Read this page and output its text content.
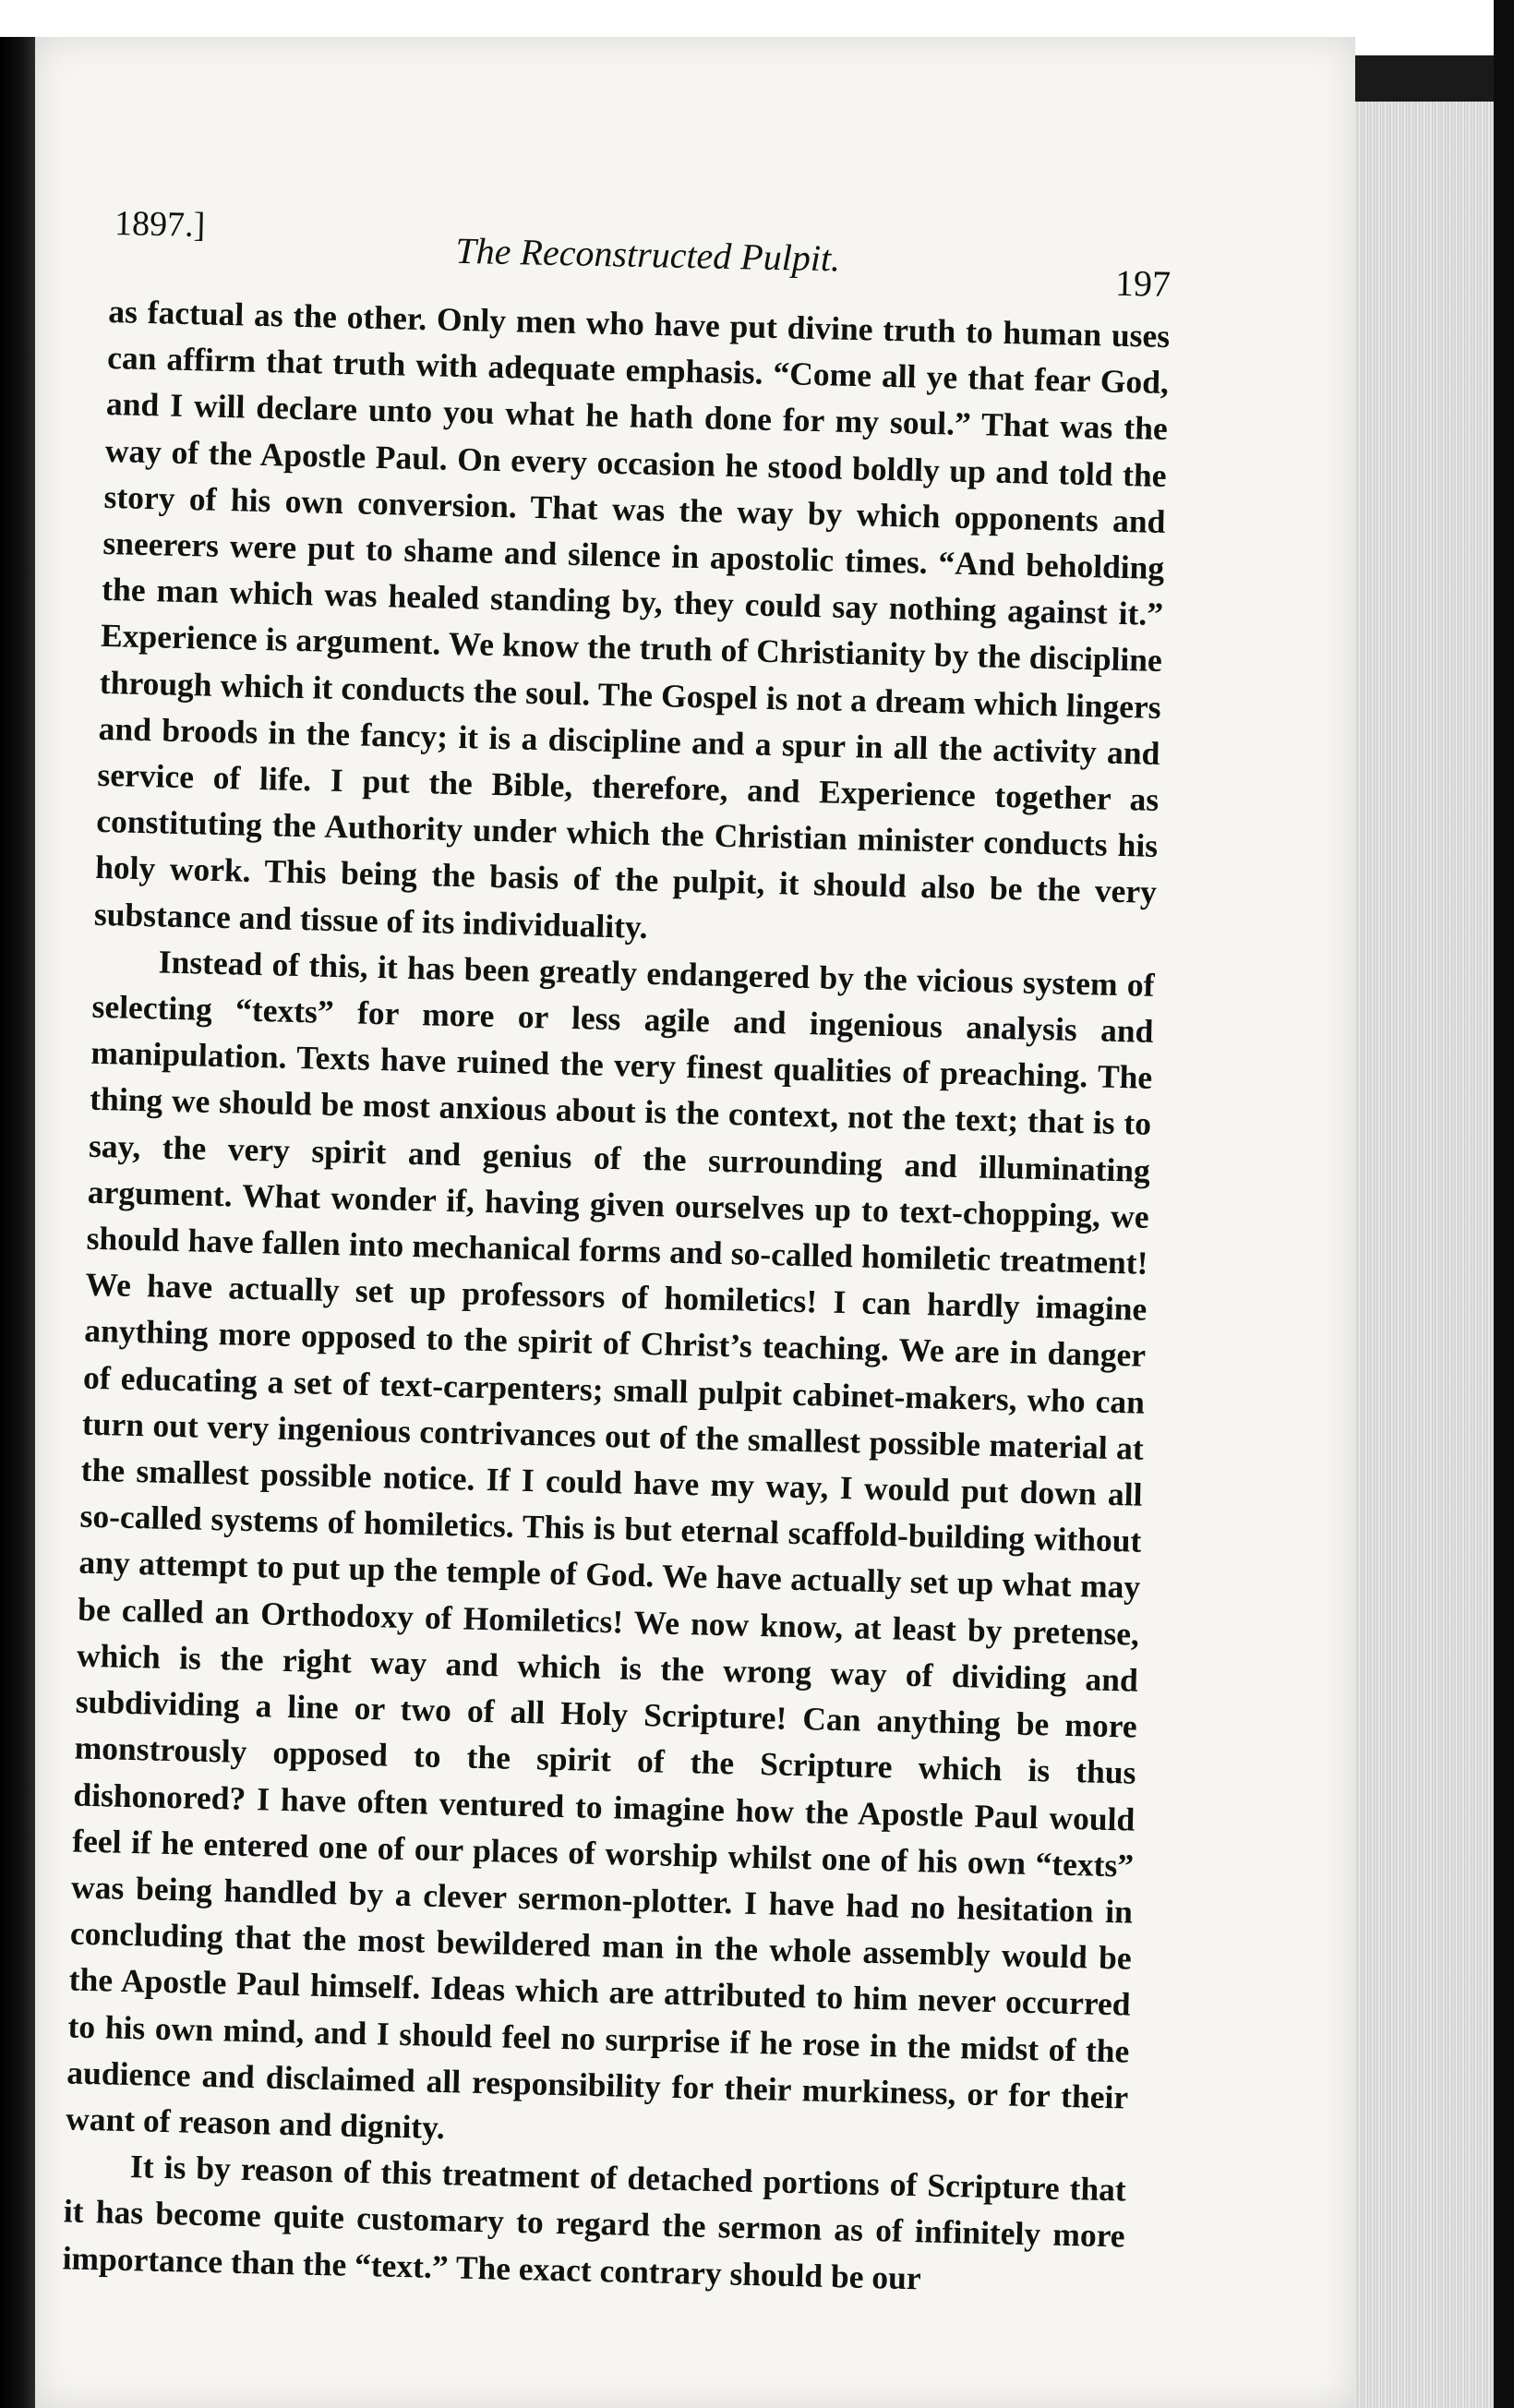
1897.]
The Reconstructed Pulpit.
197

as factual as the other. Only men who have put divine truth to human uses can affirm that truth with adequate emphasis. “Come all ye that fear God, and I will declare unto you what he hath done for my soul.” That was the way of the Apostle Paul. On every occasion he stood boldly up and told the story of his own conversion. That was the way by which opponents and sneerers were put to shame and silence in apostolic times. “And beholding the man which was healed standing by, they could say nothing against it.” Experience is argument. We know the truth of Christianity by the discipline through which it conducts the soul. The Gospel is not a dream which lingers and broods in the fancy; it is a discipline and a spur in all the activity and service of life. I put the Bible, therefore, and Experience together as constituting the Authority under which the Christian minister conducts his holy work. This being the basis of the pulpit, it should also be the very substance and tissue of its individuality.

Instead of this, it has been greatly endangered by the vicious system of selecting “texts” for more or less agile and ingenious analysis and manipulation. Texts have ruined the very finest qualities of preaching. The thing we should be most anxious about is the context, not the text; that is to say, the very spirit and genius of the surrounding and illuminating argument. What wonder if, having given ourselves up to text-chopping, we should have fallen into mechanical forms and so-called homiletic treatment! We have actually set up professors of homiletics! I can hardly imagine anything more opposed to the spirit of Christ’s teaching. We are in danger of educating a set of text-carpenters; small pulpit cabinet-makers, who can turn out very ingenious contrivances out of the smallest possible material at the smallest possible notice. If I could have my way, I would put down all so-called systems of homiletics. This is but eternal scaffold-building without any attempt to put up the temple of God. We have actually set up what may be called an Orthodoxy of Homiletics! We now know, at least by pretense, which is the right way and which is the wrong way of dividing and subdividing a line or two of all Holy Scripture! Can anything be more monstrously opposed to the spirit of the Scripture which is thus dishonored? I have often ventured to imagine how the Apostle Paul would feel if he entered one of our places of worship whilst one of his own “texts” was being handled by a clever sermon-plotter. I have had no hesitation in concluding that the most bewildered man in the whole assembly would be the Apostle Paul himself. Ideas which are attributed to him never occurred to his own mind, and I should feel no surprise if he rose in the midst of the audience and disclaimed all responsibility for their murkiness, or for their want of reason and dignity.

It is by reason of this treatment of detached portions of Scripture that it has become quite customary to regard the sermon as of infinitely more importance than the “text.” The exact contrary should be our
